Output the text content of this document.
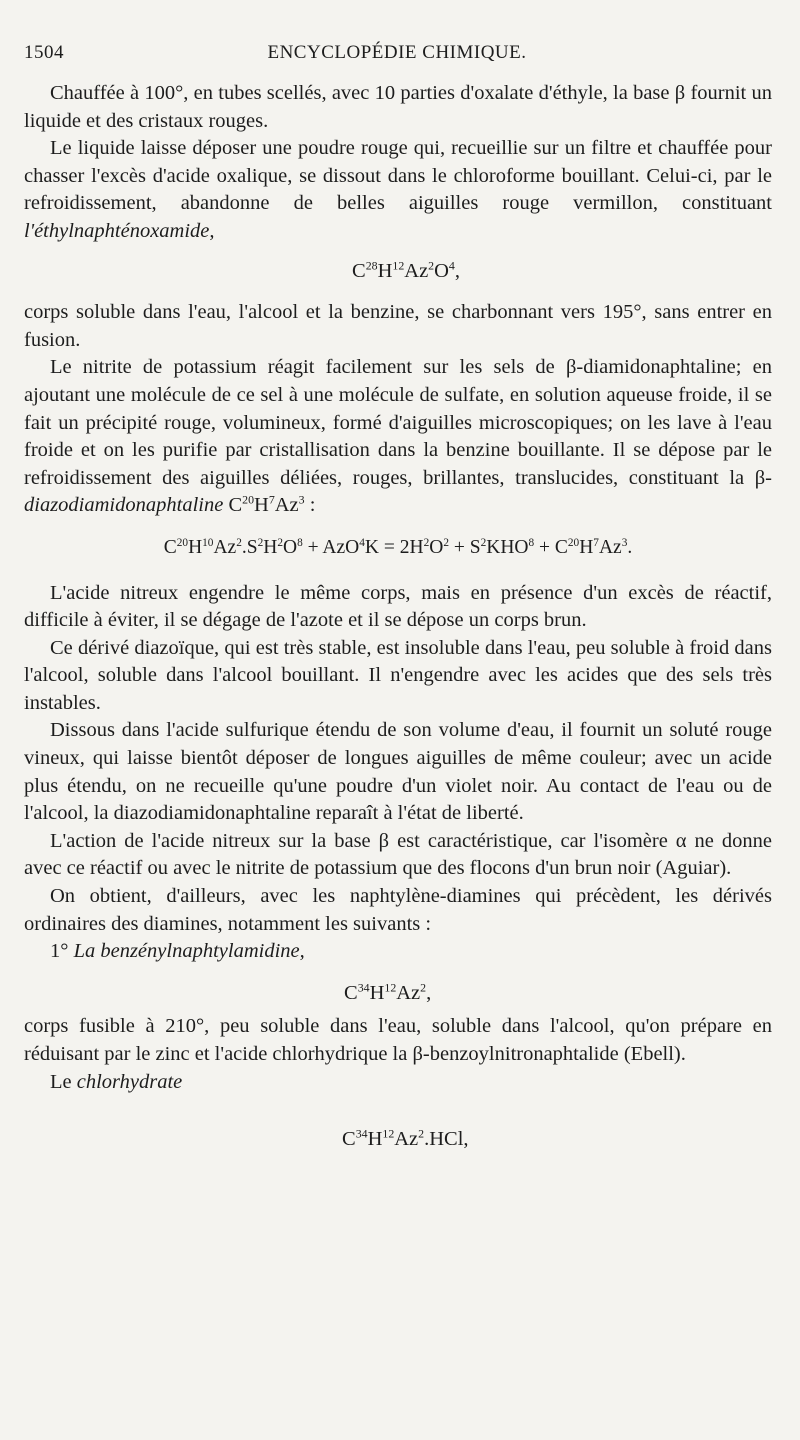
1504	ENCYCLOPÉDIE CHIMIQUE.

Chauffée à 100°, en tubes scellés, avec 10 parties d'oxalate d'éthyle, la base β fournit un liquide et des cristaux rouges.

Le liquide laisse déposer une poudre rouge qui, recueillie sur un filtre et chauffée pour chasser l'excès d'acide oxalique, se dissout dans le chloroforme bouillant. Celui-ci, par le refroidissement, abandonne de belles aiguilles rouge vermillon, constituant l'éthylnaphténoxamide,

$C^{28}H^{12}Az^2O^4$,

corps soluble dans l'eau, l'alcool et la benzine, se charbonnant vers 195°, sans entrer en fusion.

Le nitrite de potassium réagit facilement sur les sels de β-diamidonaphtaline; en ajoutant une molécule de ce sel à une molécule de sulfate, en solution aqueuse froide, il se fait un précipité rouge, volumineux, formé d'aiguilles microscopiques; on les lave à l'eau froide et on les purifie par cristallisation dans la benzine bouillante. Il se dépose par le refroidissement des aiguilles déliées, rouges, brillantes, translucides, constituant la β-diazodiamidonaphtaline $C^{20}H^7Az^3$ :

$C^{20}H^{10}Az^2.S^2H^2O^8 + AzO^4K = 2H^2O^2 + S^2KHO^8 + C^{20}H^7Az^3$.

L'acide nitreux engendre le même corps, mais en présence d'un excès de réactif, difficile à éviter, il se dégage de l'azote et il se dépose un corps brun.

Ce dérivé diazoïque, qui est très stable, est insoluble dans l'eau, peu soluble à froid dans l'alcool, soluble dans l'alcool bouillant. Il n'engendre avec les acides que des sels très instables.

Dissous dans l'acide sulfurique étendu de son volume d'eau, il fournit un soluté rouge vineux, qui laisse bientôt déposer de longues aiguilles de même couleur; avec un acide plus étendu, on ne recueille qu'une poudre d'un violet noir. Au contact de l'eau ou de l'alcool, la diazodiamidonaphtaline reparaît à l'état de liberté.

L'action de l'acide nitreux sur la base β est caractéristique, car l'isomère α ne donne avec ce réactif ou avec le nitrite de potassium que des flocons d'un brun noir (Aguiar).

On obtient, d'ailleurs, avec les naphtylène-diamines qui précèdent, les dérivés ordinaires des diamines, notamment les suivants :

1° La benzénylnaphtylamidine,

$C^{34}H^{12}Az^2$,

corps fusible à 210°, peu soluble dans l'eau, soluble dans l'alcool, qu'on prépare en réduisant par le zinc et l'acide chlorhydrique la β-benzoylnitronaphtalide (Ebell).

Le chlorhydrate

$C^{34}H^{12}Az^2.HCl$,
